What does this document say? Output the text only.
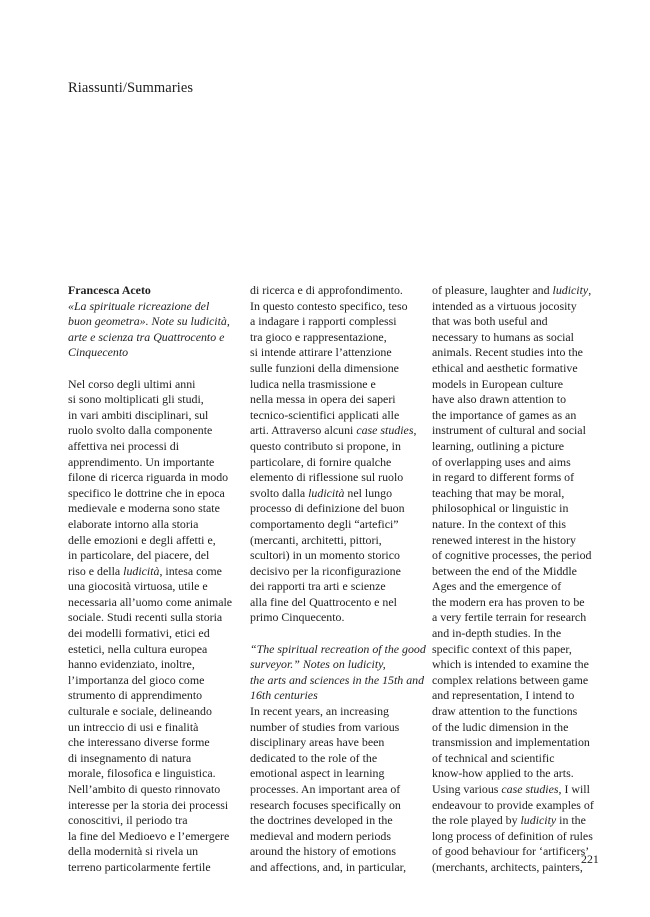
Riassunti/Summaries
Francesca Aceto
«La spirituale ricreazione del
buon geometra». Note su ludicità,
arte e scienza tra Quattrocento e
Cinquecento
Nel corso degli ultimi anni
si sono moltiplicati gli studi,
in vari ambiti disciplinari, sul
ruolo svolto dalla componente
affettiva nei processi di
apprendimento. Un importante
filone di ricerca riguarda in modo
specifico le dottrine che in epoca
medievale e moderna sono state
elaborate intorno alla storia
delle emozioni e degli affetti e,
in particolare, del piacere, del
riso e della ludicità, intesa come
una giocosità virtuosa, utile e
necessaria all’uomo come animale
sociale. Studi recenti sulla storia
dei modelli formativi, etici ed
estetici, nella cultura europea
hanno evidenziato, inoltre,
l’importanza del gioco come
strumento di apprendimento
culturale e sociale, delineando
un intreccio di usi e finalità
che interessano diverse forme
di insegnamento di natura
morale, filosofica e linguistica.
Nell’ambito di questo rinnovato
interesse per la storia dei processi
conoscitivi, il periodo tra
la fine del Medioevo e l’emergere
della modernità si rivela un
terreno particolarmente fertile
di ricerca e di approfondimento.
In questo contesto specifico, teso
a indagare i rapporti complessi
tra gioco e rappresentazione,
si intende attirare l’attenzione
sulle funzioni della dimensione
ludica nella trasmissione e
nella messa in opera dei saperi
tecnico-scientifici applicati alle
arti. Attraverso alcuni case studies,
questo contributo si propone, in
particolare, di fornire qualche
elemento di riflessione sul ruolo
svolto dalla ludicità nel lungo
processo di definizione del buon
comportamento degli “artefici”
(mercanti, architetti, pittori,
scultori) in un momento storico
decisivo per la riconfigurazione
dei rapporti tra arti e scienze
alla fine del Quattrocento e nel
primo Cinquecento.
“The spiritual recreation of the good
surveyor.” Notes on ludicity,
the arts and sciences in the 15th and
16th centuries
In recent years, an increasing
number of studies from various
disciplinary areas have been
dedicated to the role of the
emotional aspect in learning
processes. An important area of
research focuses specifically on
the doctrines developed in the
medieval and modern periods
around the history of emotions
and affections, and, in particular,
of pleasure, laughter and ludicity,
intended as a virtuous jocosity
that was both useful and
necessary to humans as social
animals. Recent studies into the
ethical and aesthetic formative
models in European culture
have also drawn attention to
the importance of games as an
instrument of cultural and social
learning, outlining a picture
of overlapping uses and aims
in regard to different forms of
teaching that may be moral,
philosophical or linguistic in
nature. In the context of this
renewed interest in the history
of cognitive processes, the period
between the end of the Middle
Ages and the emergence of
the modern era has proven to be
a very fertile terrain for research
and in-depth studies. In the
specific context of this paper,
which is intended to examine the
complex relations between game
and representation, I intend to
draw attention to the functions
of the ludic dimension in the
transmission and implementation
of technical and scientific
know-how applied to the arts.
Using various case studies, I will
endeavour to provide examples of
the role played by ludicity in the
long process of definition of rules
of good behaviour for ‘artificers’
(merchants, architects, painters,
221
